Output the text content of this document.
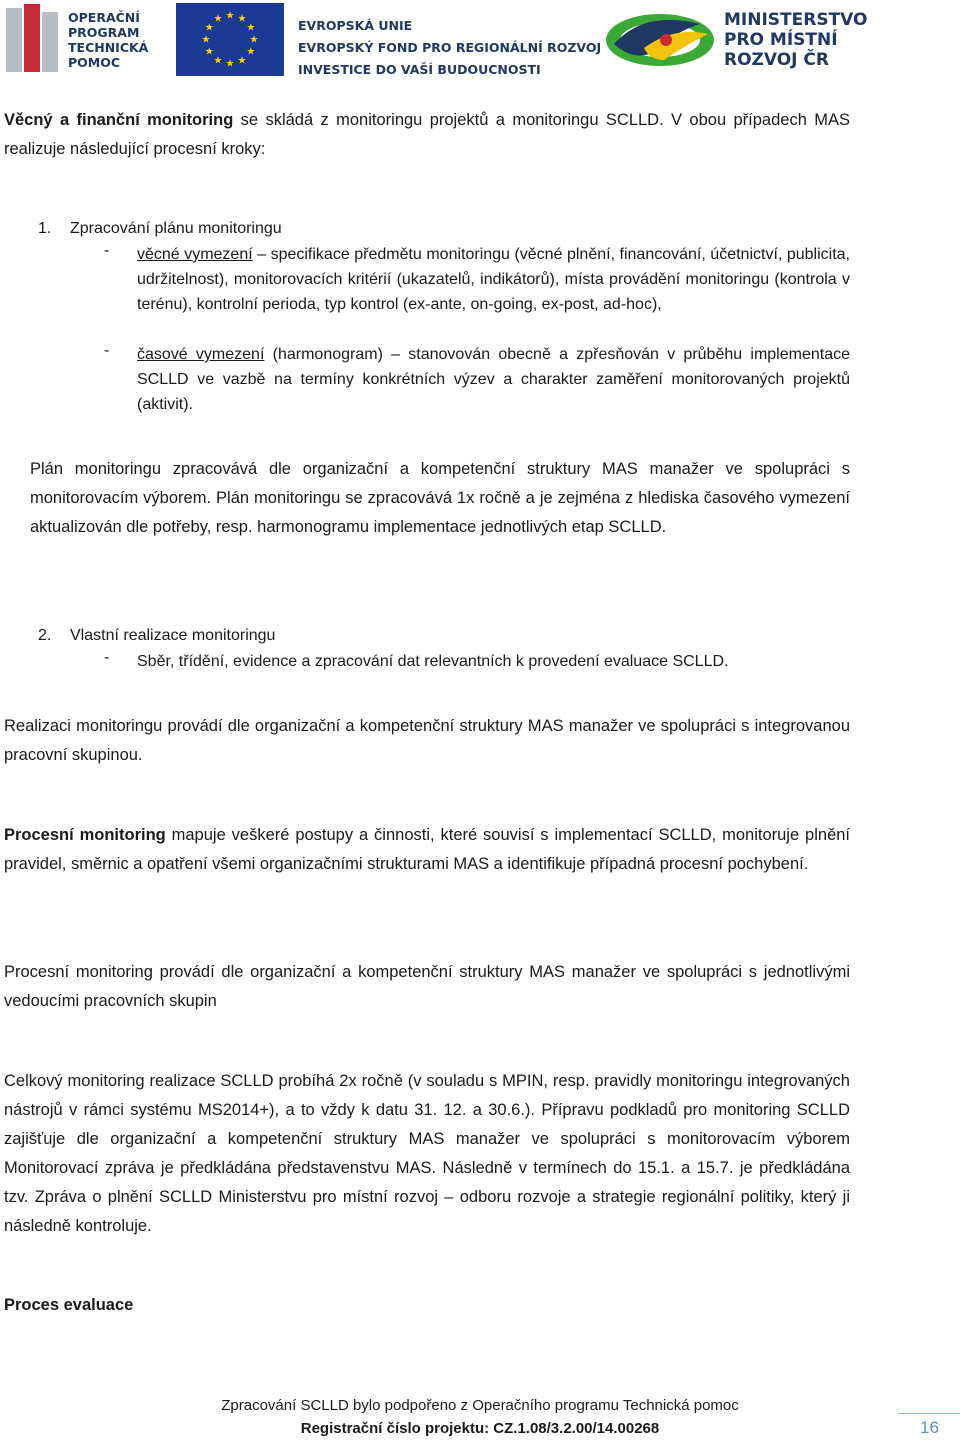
OPERAČNÍ
PROGRAM
TECHNICKÁ
POMOC
★ ★
★
★
★
★
★
★
★
★
★
★	EVROPSKÁ UNIE
EVROPSKÝ FOND PRO REGIONÁLNÍ ROZVOJ
INVESTICE DO VAŠÍ BUDOUCNOSTI
MINISTERSTVO
PRO MÍSTNÍ
ROZVOJ ČR
Věcný a finanční monitoring se skládá z monitoringu projektů a monitoringu SCLLD. V obou případech MAS realizuje následující procesní kroky:
1. Zpracování plánu monitoringu
- věcné vymezení – specifikace předmětu monitoringu (věcné plnění, financování, účetnictví, publicita, udržitelnost), monitorovacích kritérií (ukazatelů, indikátorů), místa provádění monitoringu (kontrola v terénu), kontrolní perioda, typ kontrol (ex-ante, on-going, ex-post, ad-hoc),
- časové vymezení (harmonogram) – stanovován obecně a zpřesňován v průběhu implementace SCLLD ve vazbě na termíny konkrétních výzev a charakter zaměření monitorovaných projektů (aktivit).
Plán monitoringu zpracovává dle organizační a kompetenční struktury MAS manažer ve spolupráci s monitorovacím výborem. Plán monitoringu se zpracovává 1x ročně a je zejména z hlediska časového vymezení aktualizován dle potřeby, resp. harmonogramu implementace jednotlivých etap SCLLD.
2. Vlastní realizace monitoringu
- Sběr, třídění, evidence a zpracování dat relevantních k provedení evaluace SCLLD.
Realizaci monitoringu provádí dle organizační a kompetenční struktury MAS manažer ve spolupráci s integrovanou pracovní skupinou.
Procesní monitoring mapuje veškeré postupy a činnosti, které souvisí s implementací SCLLD, monitoruje plnění pravidel, směrnic a opatření všemi organizačními strukturami MAS a identifikuje případná procesní pochybení.
Procesní monitoring provádí dle organizační a kompetenční struktury MAS manažer ve spolupráci s jednotlivými vedoucími pracovních skupin
Celkový monitoring realizace SCLLD probíhá 2x ročně (v souladu s MPIN, resp. pravidly monitoringu integrovaných nástrojů v rámci systému MS2014+), a to vždy k datu 31. 12. a 30.6.). Přípravu podkladů pro monitoring SCLLD zajišťuje dle organizační a kompetenční struktury MAS manažer ve spolupráci s monitorovacím výborem Monitorovací zpráva je předkládána představenstvu MAS. Následně v termínech do 15.1. a 15.7. je předkládána tzv. Zpráva o plnění SCLLD Ministerstvu pro místní rozvoj – odboru rozvoje a strategie regionální politiky, který ji následně kontroluje.
Proces evaluace
Zpracování SCLLD bylo podpořeno z Operačního programu Technická pomoc
Registrační číslo projektu: CZ.1.08/3.2.00/14.00268	16
